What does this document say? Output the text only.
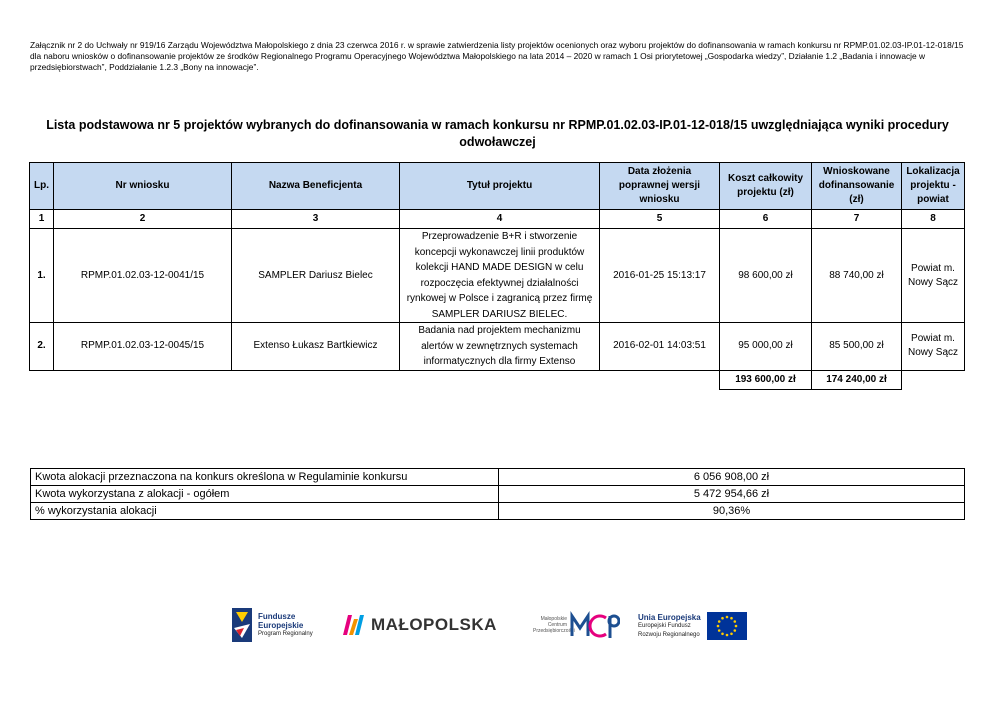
Załącznik nr 2 do Uchwały nr 919/16 Zarządu Województwa Małopolskiego z dnia 23 czerwca 2016 r. w sprawie zatwierdzenia listy projektów ocenionych oraz wyboru projektów do dofinansowania w ramach konkursu nr RPMP.01.02.03-IP.01-12-018/15 dla naboru wniosków o dofinansowanie projektów ze środków Regionalnego Programu Operacyjnego Województwa Małopolskiego na lata 2014 – 2020 w ramach 1 Osi priorytetowej „Gospodarka wiedzy”, Działanie 1.2 „Badania i innowacje w przedsiębiorstwach”, Poddziałanie 1.2.3 „Bony na innowacje”.

Lista podstawowa nr 5 projektów wybranych do dofinansowania w ramach konkursu nr RPMP.01.02.03-IP.01-12-018/15 uwzględniająca wyniki procedury odwoławczej

Lp.	Nr wniosku	Nazwa Beneficjenta	Tytuł projektu	Data złożenia poprawnej wersji wniosku	Koszt całkowity projektu (zł)	Wnioskowane dofinansowanie (zł)	Lokalizacja projektu - powiat
1	2	3	4	5	6	7	8
1.	RPMP.01.02.03-12-0041/15	SAMPLER Dariusz Bielec	Przeprowadzenie B+R i stworzenie koncepcji wykonawczej linii produktów kolekcji HAND MADE DESIGN w celu rozpoczęcia efektywnej działalności rynkowej w Polsce i zagranicą przez firmę SAMPLER DARIUSZ BIELEC.	2016-01-25 15:13:17	98 600,00 zł	88 740,00 zł	Powiat m. Nowy Sącz
2.	RPMP.01.02.03-12-0045/15	Extenso Łukasz Bartkiewicz	Badania nad projektem mechanizmu alertów w zewnętrznych systemach informatycznych dla firmy Extenso	2016-02-01 14:03:51	95 000,00 zł	85 500,00 zł	Powiat m. Nowy Sącz
					193 600,00 zł	174 240,00 zł	
Kwota alokacji przeznaczona na konkurs określona w Regulaminie konkursu	6 056 908,00 zł
Kwota wykorzystana z alokacji - ogółem	5 472 954,66 zł
% wykorzystania alokacji	90,36%
Fundusze
Europejskie
Program Regionalny	MAŁOPOLSKA	Małopolskie
Centrum
Przedsiębiorczości
Unia Europejska
Europejski Fundusz
Rozwoju Regionalnego
